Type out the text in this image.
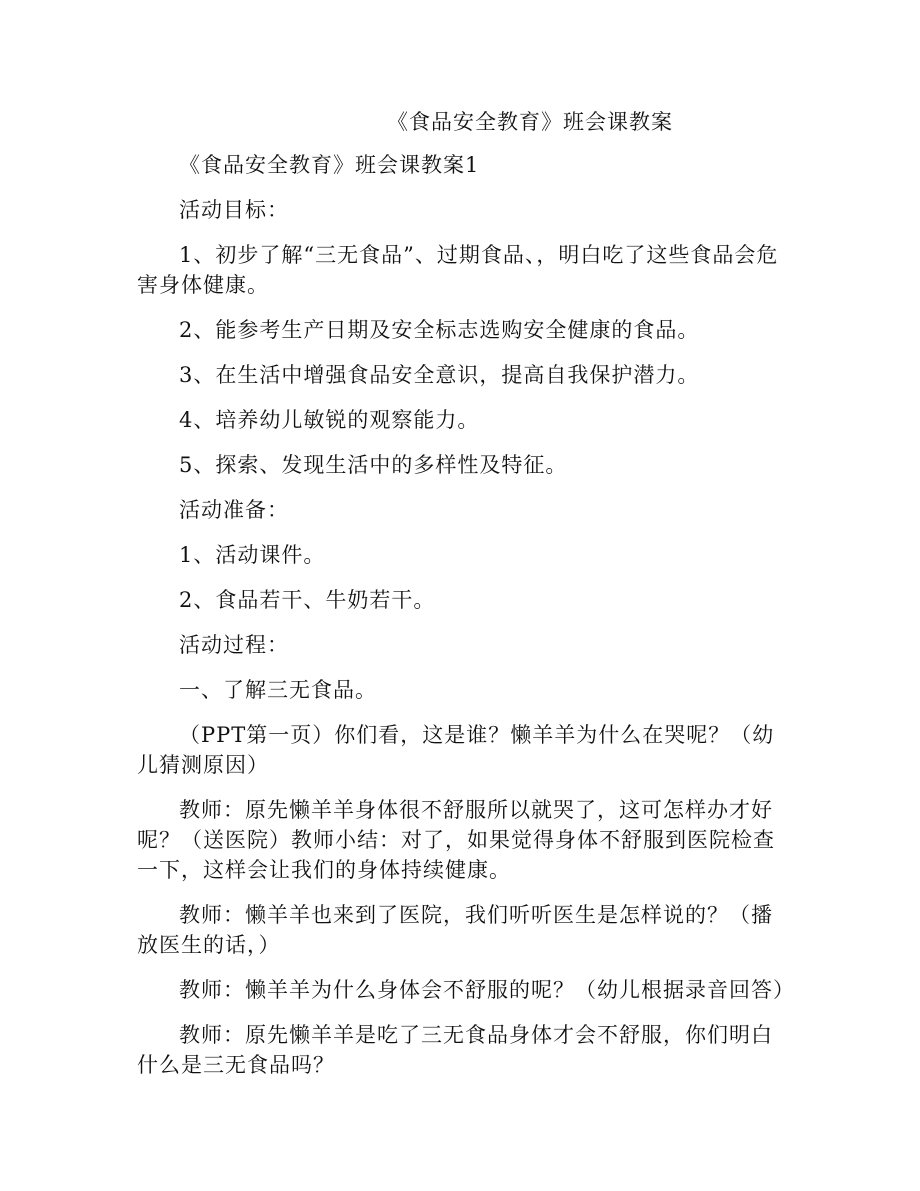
《食品安全教育》班会课教案

《食品安全教育》班会课教案1

活动目标：

1、初步了解“三无食品”、过期食品、，明白吃了这些食品会危害身体健康。

2、能参考生产日期及安全标志选购安全健康的食品。

3、在生活中增强食品安全意识，提高自我保护潜力。

4、培养幼儿敏锐的观察能力。

5、探索、发现生活中的多样性及特征。

活动准备：

1、活动课件。

2、食品若干、牛奶若干。

活动过程：

一、了解三无食品。

（PPT第一页）你们看，这是谁？懒羊羊为什么在哭呢？（幼儿猜测原因）

教师：原先懒羊羊身体很不舒服所以就哭了，这可怎样办才好呢？（送医院）教师小结：对了，如果觉得身体不舒服到医院检查一下，这样会让我们的身体持续健康。

教师：懒羊羊也来到了医院，我们听听医生是怎样说的？（播放医生的话，）

教师：懒羊羊为什么身体会不舒服的呢？（幼儿根据录音回答）

教师：原先懒羊羊是吃了三无食品身体才会不舒服，你们明白什么是三无食品吗？
